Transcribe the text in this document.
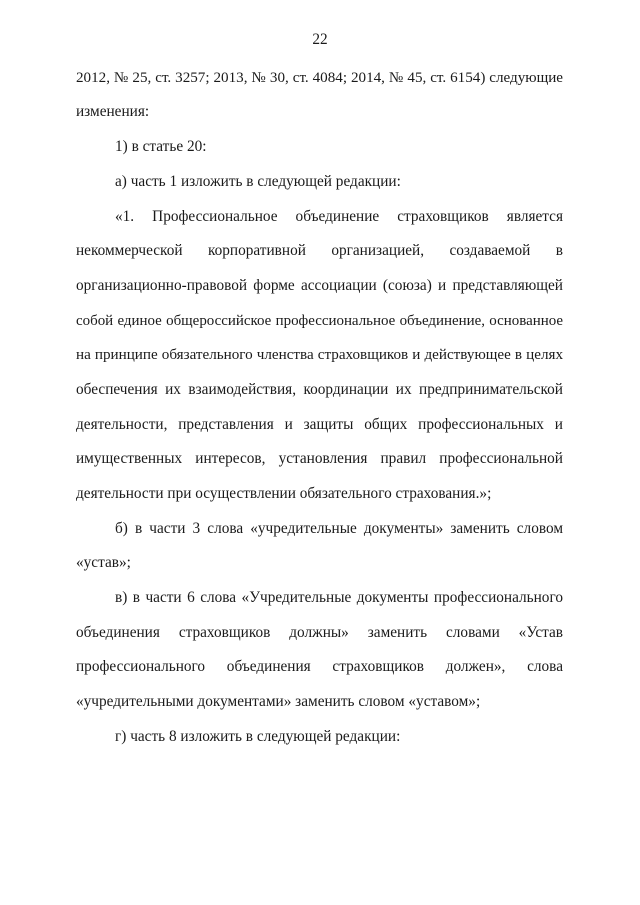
22
2012, № 25, ст. 3257; 2013, № 30, ст. 4084; 2014, № 45, ст. 6154) следующие
изменения:
1) в статье 20:
а) часть 1 изложить в следующей редакции:
«1. Профессиональное объединение страховщиков является
некоммерческой корпоративной организацией, создаваемой в
организационно-правовой форме ассоциации (союза) и представляющей
собой единое общероссийское профессиональное объединение, основанное
на принципе обязательного членства страховщиков и действующее в целях
обеспечения их взаимодействия, координации их предпринимательской
деятельности, представления и защиты общих профессиональных и
имущественных интересов, установления правил профессиональной
деятельности при осуществлении обязательного страхования.»;
б) в части 3 слова «учредительные документы» заменить словом
«устав»;
в) в части 6 слова «Учредительные документы профессионального
объединения страховщиков должны» заменить словами «Устав
профессионального объединения страховщиков должен», слова
«учредительными документами» заменить словом «уставом»;
г) часть 8 изложить в следующей редакции:
